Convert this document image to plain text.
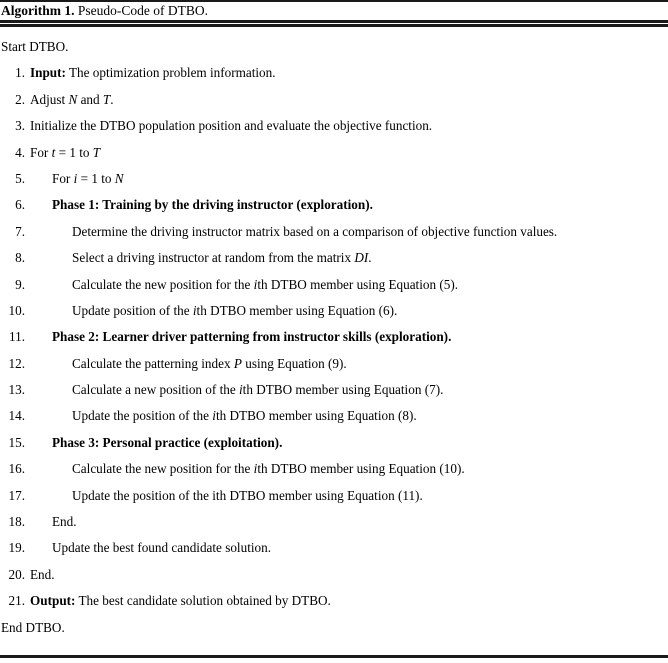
Algorithm 1. Pseudo-Code of DTBO.
Start DTBO.
1. Input: The optimization problem information.
2. Adjust N and T.
3. Initialize the DTBO population position and evaluate the objective function.
4. For t = 1 to T
5. For i = 1 to N
6. Phase 1: Training by the driving instructor (exploration).
7.	Determine the driving instructor matrix based on a comparison of objective function values.
8.	Select a driving instructor at random from the matrix DI.
9.	Calculate the new position for the ith DTBO member using Equation (5).
10.	Update position of the ith DTBO member using Equation (6).
11. Phase 2: Learner driver patterning from instructor skills (exploration).
12.	Calculate the patterning index P using Equation (9).
13.	Calculate a new position of the ith DTBO member using Equation (7).
14.	Update the position of the ith DTBO member using Equation (8).
15. Phase 3: Personal practice (exploitation).
16.	Calculate the new position for the ith DTBO member using Equation (10).
17.	Update the position of the ith DTBO member using Equation (11).
18. End.
19. Update the best found candidate solution.
20. End.
21. Output: The best candidate solution obtained by DTBO.
End DTBO.
